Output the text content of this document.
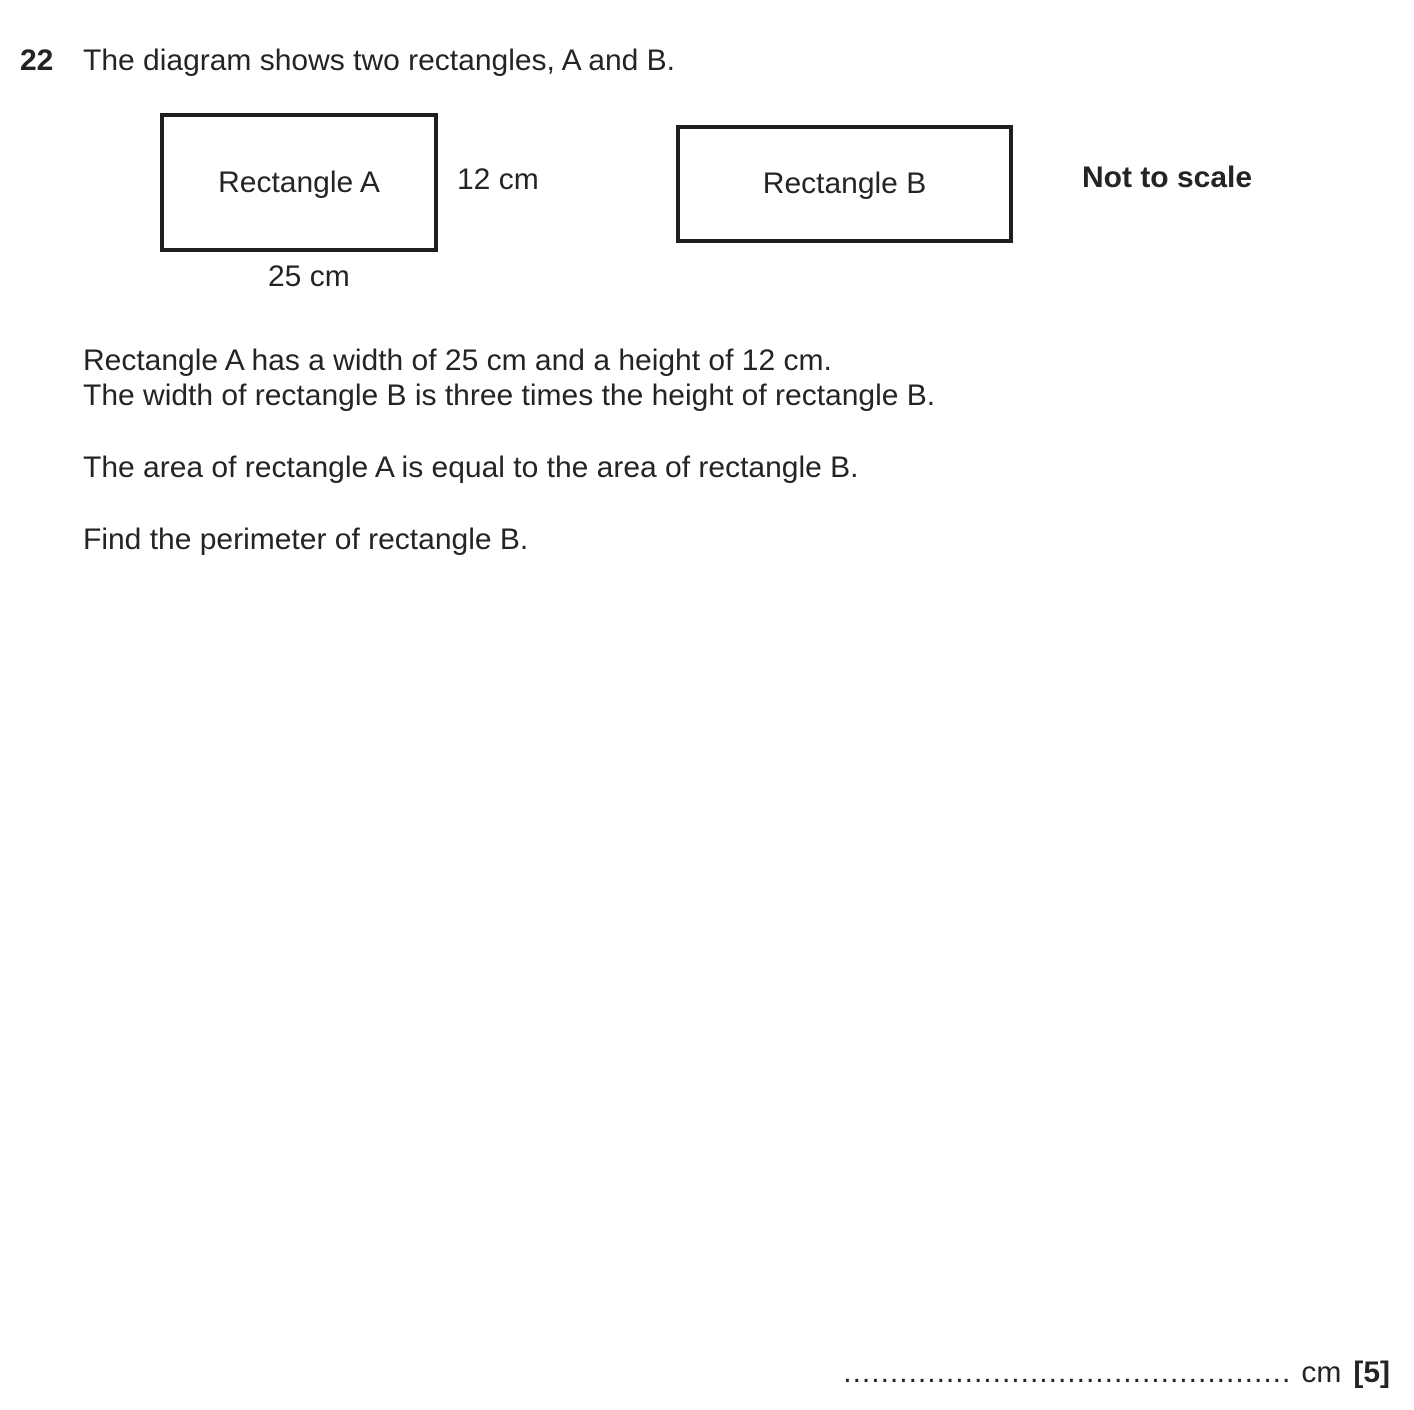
22 The diagram shows two rectangles, A and B.
Rectangle A	12 cm
25 cm
Rectangle B	Not to scale
Rectangle A has a width of 25 cm and a height of 12 cm.
The width of rectangle B is three times the height of rectangle B.
The area of rectangle A is equal to the area of rectangle B.
Find the perimeter of rectangle B.
................................................ cm [5]
